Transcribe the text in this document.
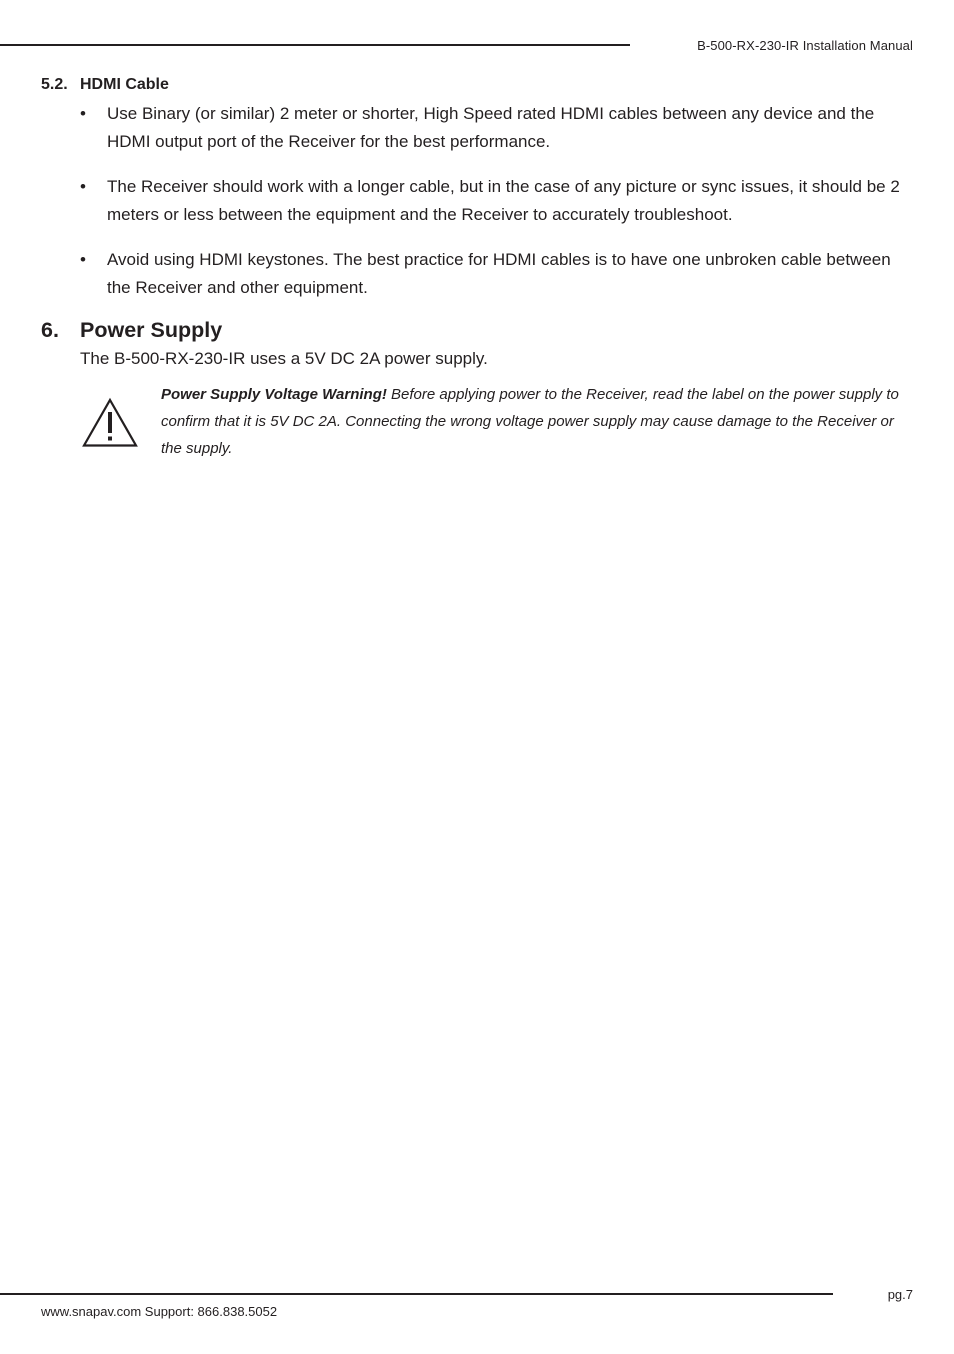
B-500-RX-230-IR Installation Manual
5.2. HDMI Cable
• Use Binary (or similar) 2 meter or shorter, High Speed rated HDMI cables between any device and the HDMI output port of the Receiver for the best performance.
• The Receiver should work with a longer cable, but in the case of any picture or sync issues, it should be 2 meters or less between the equipment and the Receiver to accurately troubleshoot.
• Avoid using HDMI keystones. The best practice for HDMI cables is to have one unbroken cable between the Receiver and other equipment.
6. Power Supply
The B-500-RX-230-IR uses a 5V DC 2A power supply.
Power Supply Voltage Warning! Before applying power to the Receiver, read the label on the power supply to confirm that it is 5V DC 2A. Connecting the wrong voltage power supply may cause damage to the Receiver or the supply.
pg.7
www.snapav.com Support: 866.838.5052
